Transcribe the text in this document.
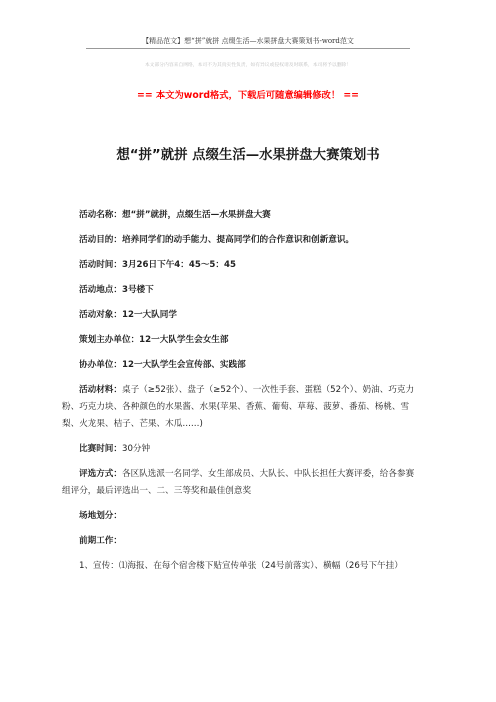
【精品范文】想“拼”就拼 点缀生活—水果拼盘大赛策划书-word范文
本文部分内容来自网络，本司不为其真实性负责，如有异议或侵权请及时联系，本司将予以删除！
== 本文为word格式，下载后可随意编辑修改！ ==
想“拼”就拼 点缀生活—水果拼盘大赛策划书

活动名称：想“拼”就拼，点缀生活—水果拼盘大赛

活动目的：培养同学们的动手能力、提高同学们的合作意识和创新意识。

活动时间：3月26日下午4：45～5：45

活动地点：3号楼下

活动对象：12一大队同学

策划主办单位：12一大队学生会女生部

协办单位：12一大队学生会宣传部、实践部

活动材料：桌子（≥52张）、盘子（≥52个）、一次性手套、蛋糕（52个）、奶油、巧克力粉、巧克力块、各种颜色的水果酱、水果(苹果、香蕉、葡萄、草莓、菠萝、番茄、杨桃、雪梨、火龙果、桔子、芒果、木瓜……)

比赛时间：30分钟

评选方式：各区队选派一名同学、女生部成员、大队长、中队长担任大赛评委，给各参赛组评分，最后评选出一、二、三等奖和最佳创意奖

场地划分：

前期工作：

1、宣传：⑴海报、在每个宿舍楼下贴宣传单张（24号前落实）、横幅（26号下午挂）
